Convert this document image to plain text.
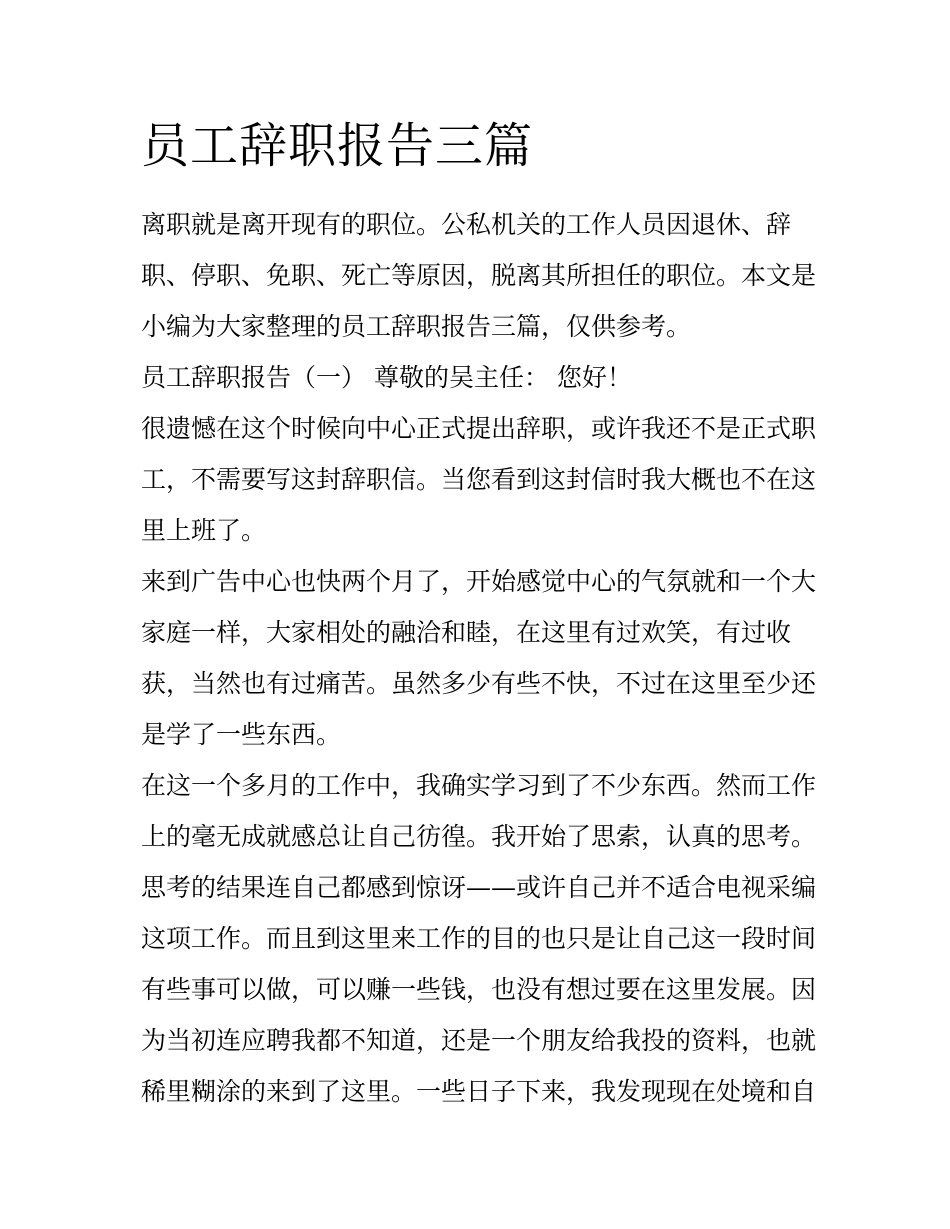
员工辞职报告三篇

离职就是离开现有的职位。公私机关的工作人员因退休、辞

职、停职、免职、死亡等原因，脱离其所担任的职位。本文是

小编为大家整理的员工辞职报告三篇，仅供参考。

员工辞职报告（一） 尊敬的吴主任： 您好！

很遗憾在这个时候向中心正式提出辞职，或许我还不是正式职

工，不需要写这封辞职信。当您看到这封信时我大概也不在这

里上班了。

来到广告中心也快两个月了，开始感觉中心的气氛就和一个大

家庭一样，大家相处的融洽和睦，在这里有过欢笑，有过收

获，当然也有过痛苦。虽然多少有些不快，不过在这里至少还

是学了一些东西。

在这一个多月的工作中，我确实学习到了不少东西。然而工作

上的毫无成就感总让自己彷徨。我开始了思索，认真的思考。

思考的结果连自己都感到惊讶——或许自己并不适合电视采编

这项工作。而且到这里来工作的目的也只是让自己这一段时间

有些事可以做，可以赚一些钱，也没有想过要在这里发展。因

为当初连应聘我都不知道，还是一个朋友给我投的资料，也就

稀里糊涂的来到了这里。一些日子下来，我发现现在处境和自
